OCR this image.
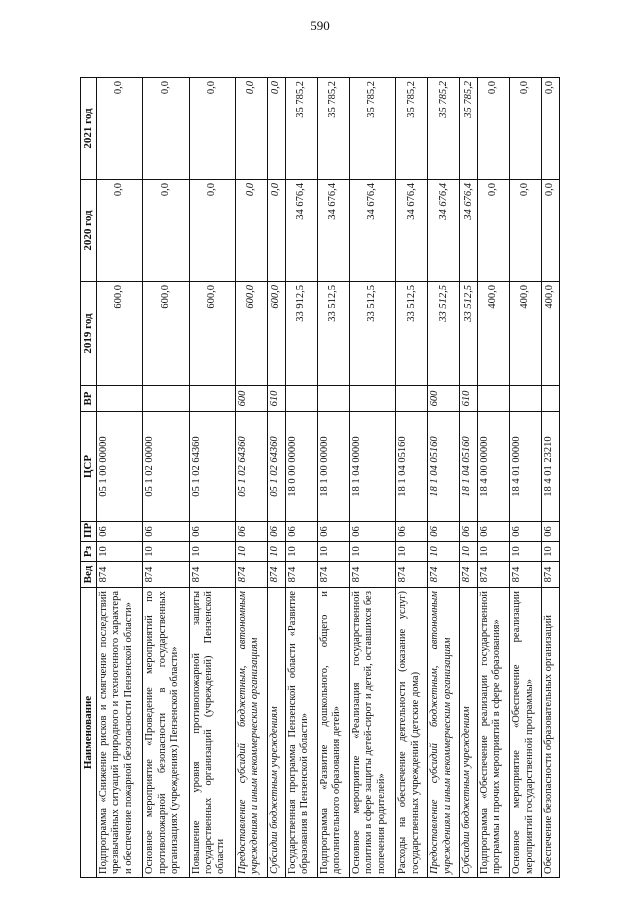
590
Наименование	Вед	Рз	ПР	ЦСР	ВР	2019 год	2020 год	2021 год
Подпрограмма «Снижение рисков и смягчение последствий чрезвычайных ситуаций природного и техногенного характера и обеспечение пожарной безопасности Пензенской области»	874	10	06	05 1 00 00000		600,0	0,0	0,0
Основное мероприятие «Проведение мероприятий по противопожарной безопасности в государственных организациях (учреждениях) Пензенской области»	874	10	06	05 1 02 00000		600,0	0,0	0,0
Повышение уровня противопожарной защиты государственных организаций (учреждений) Пензенской области	874	10	06	05 1 02 64360		600,0	0,0	0,0
Предоставление субсидий бюджетным, автономным учреждениям и иным некоммерческим организациям	874	10	06	05 1 02 64360	600	600,0	0,0	0,0
Субсидии бюджетным учреждениям	874	10	06	05 1 02 64360	610	600,0	0,0	0,0
Государственная программа Пензенской области «Развитие образования в Пензенской области»	874	10	06	18 0 00 00000		33 912,5	34 676,4	35 785,2
Подпрограмма «Развитие дошкольного, общего и дополнительного образования детей»	874	10	06	18 1 00 00000		33 512,5	34 676,4	35 785,2
Основное мероприятие «Реализация государственной политики в сфере защиты детей-сирот и детей, оставшихся без попечения родителей»	874	10	06	18 1 04 00000		33 512,5	34 676,4	35 785,2
Расходы на обеспечение деятельности (оказание услуг) государственных учреждений (детские дома)	874	10	06	18 1 04 05160		33 512,5	34 676,4	35 785,2
Предоставление субсидий бюджетным, автономным учреждениям и иным некоммерческим организациям	874	10	06	18 1 04 05160	600	33 512,5	34 676,4	35 785,2
Субсидии бюджетным учреждениям	874	10	06	18 1 04 05160	610	33 512,5	34 676,4	35 785,2
Подпрограмма «Обеспечение реализации государственной программы и прочих мероприятий в сфере образования»	874	10	06	18 4 00 00000		400,0	0,0	0,0
Основное мероприятие «Обеспечение реализации мероприятий государственной программы»	874	10	06	18 4 01 00000		400,0	0,0	0,0
Обеспечение безопасности образовательных организаций	874	10	06	18 4 01 23210		400,0	0,0	0,0
